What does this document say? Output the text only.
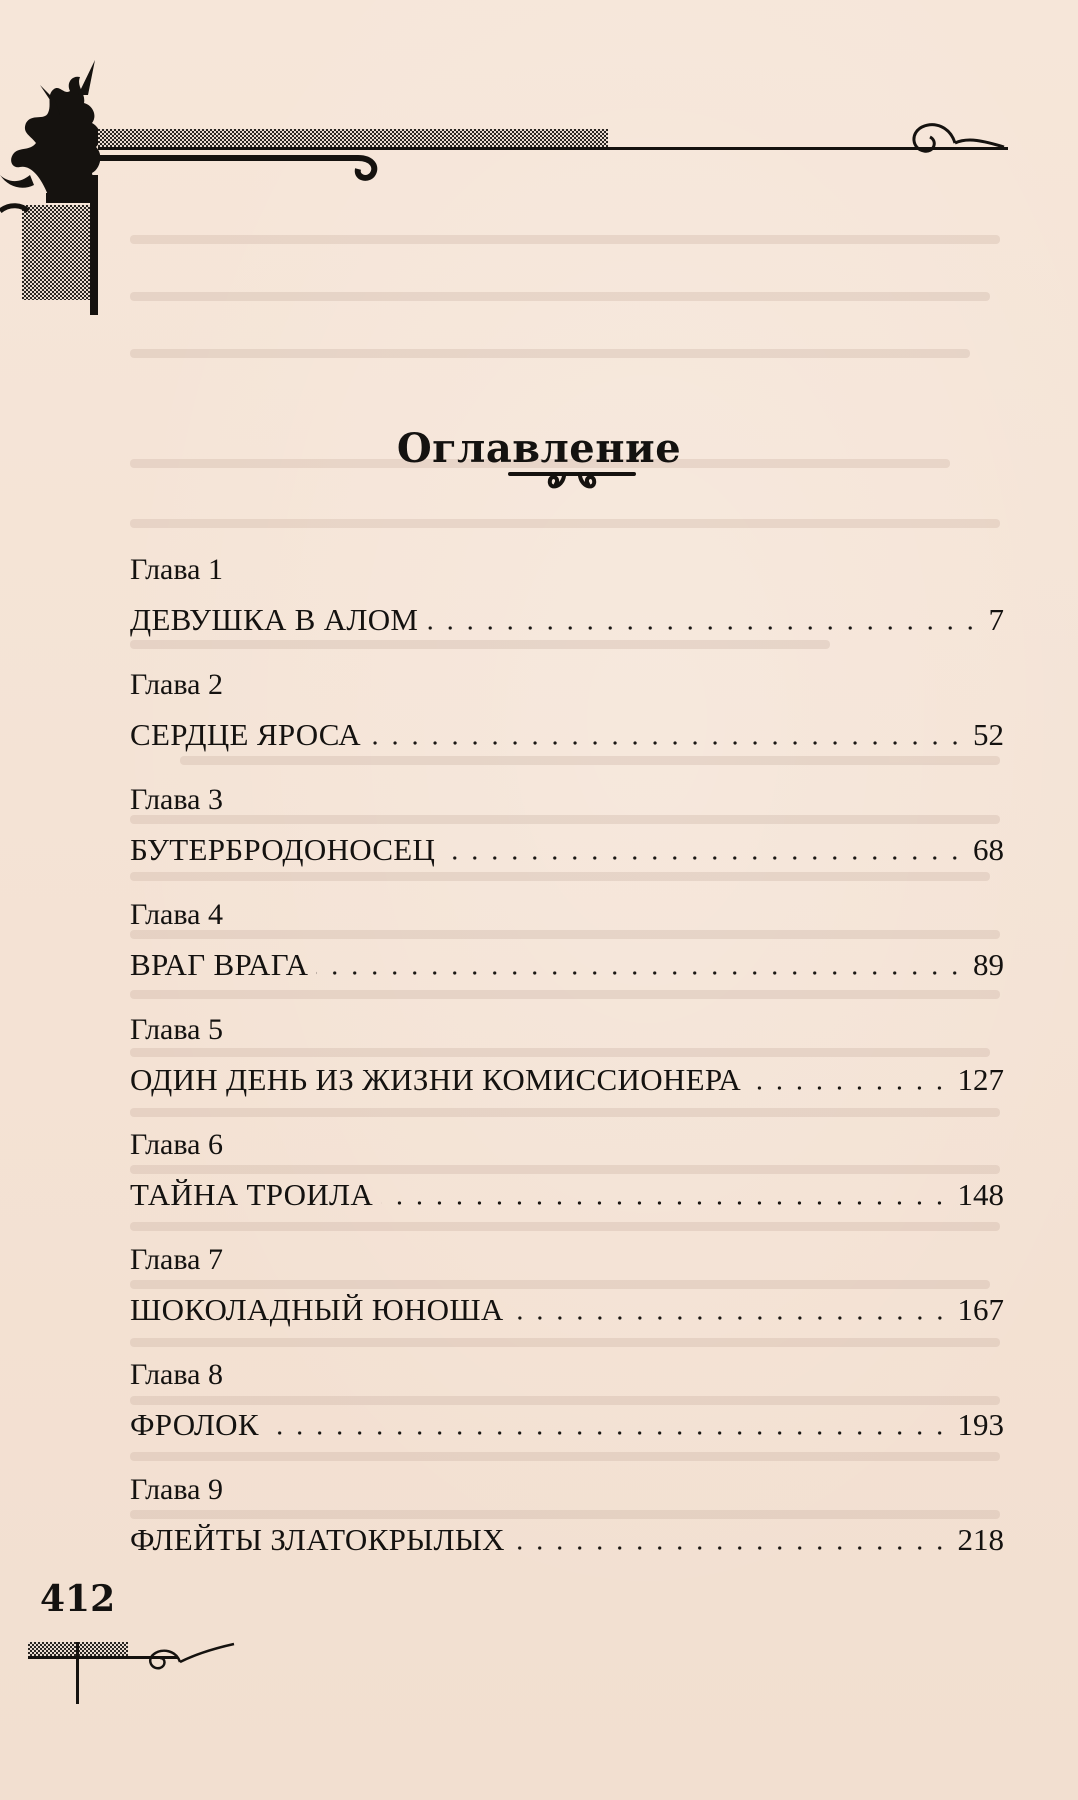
Оглавление
Глава 1
ДЕВУШКА В АЛОМ	7
Глава 2
СЕРДЦЕ ЯРОСА	52
Глава 3
БУТЕРБРОДОНОСЕЦ	68
Глава 4
ВРАГ ВРАГА	89
Глава 5
ОДИН ДЕНЬ ИЗ ЖИЗНИ КОМИССИОНЕРА	127
Глава 6
ТАЙНА ТРОИЛА	148
Глава 7
ШОКОЛАДНЫЙ ЮНОША	167
Глава 8
ФРОЛОК	193
Глава 9
ФЛЕЙТЫ ЗЛАТОКРЫЛЫХ	218
412
